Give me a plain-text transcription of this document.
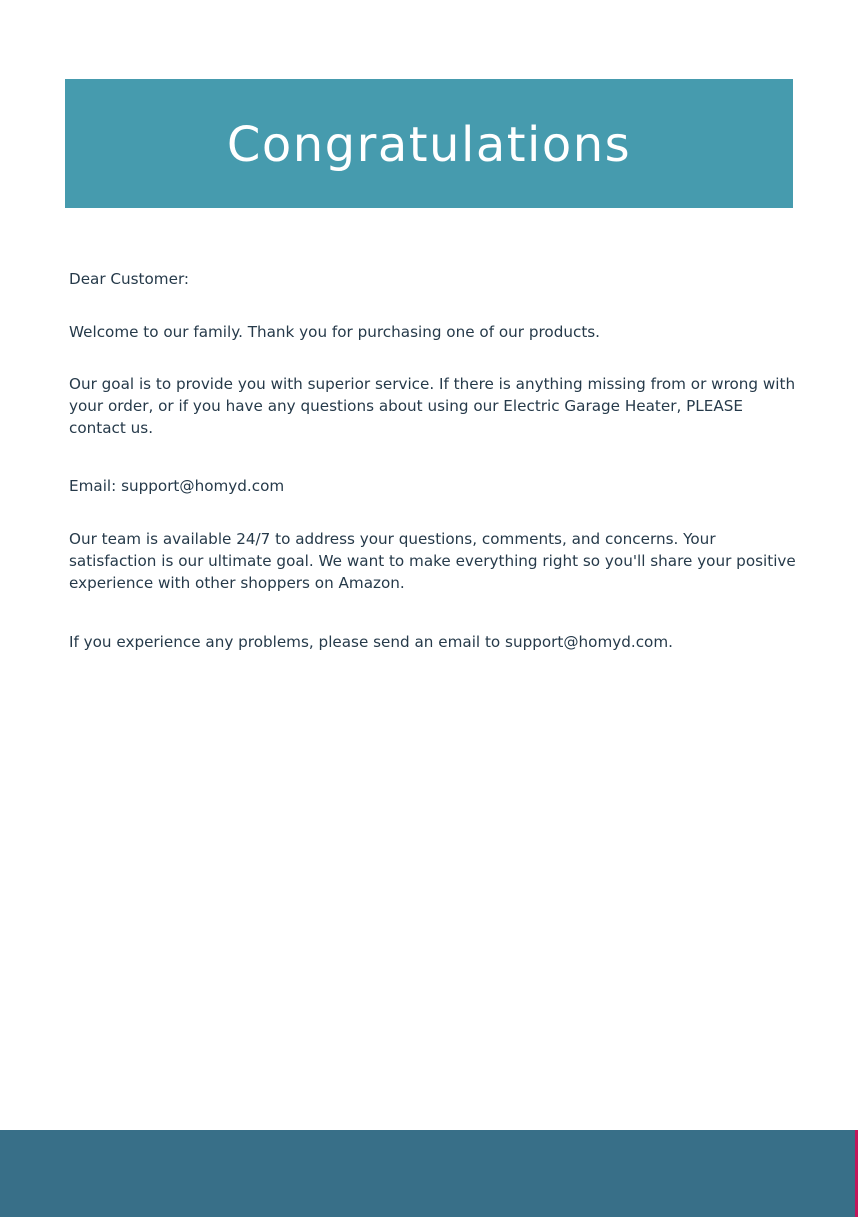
Congratulations

Dear Customer:

Welcome to our family. Thank you for purchasing one of our products.

Our goal is to provide you with superior service. If there is anything missing from or wrong with your order, or if you have any questions about using our Electric Garage Heater, PLEASE contact us.

Email: support@homyd.com

Our team is available 24/7 to address your questions, comments, and concerns. Your satisfaction is our ultimate goal. We want to make everything right so you'll share your positive experience with other shoppers on Amazon.

If you experience any problems, please send an email to support@homyd.com.
